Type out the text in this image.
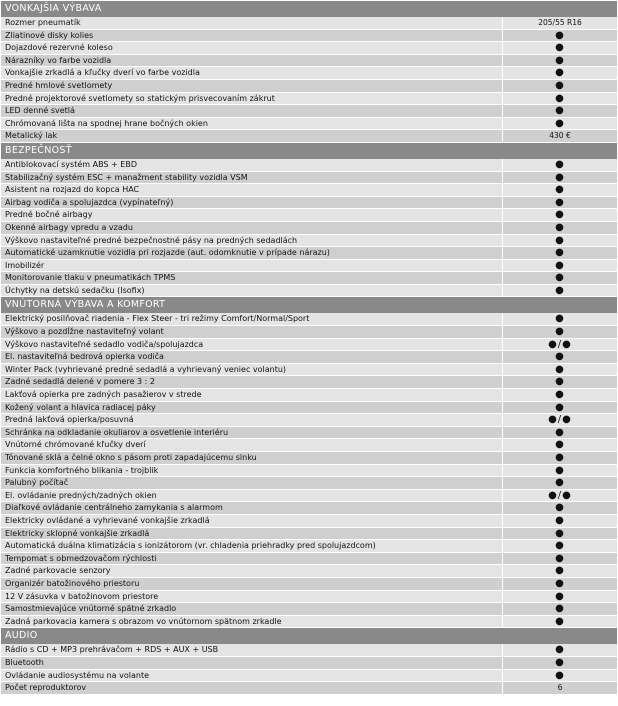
VONKAJŠIA VÝBAVA
Rozmer pneumatík	205/55 R16
Zliatinové disky kolies	●
Dojazdové rezervné koleso	●
Nárazníky vo farbe vozidla	●
Vonkajšie zrkadlá a kľučky dverí vo farbe vozidla	●
Predné hmlové svetlomety	●
Predné projektorové svetlomety so statickým prisvecovaním zákrut	●
LED denné svetlá	●
Chrómovaná lišta na spodnej hrane bočných okien	●
Metalický lak	430 €
BEZPEČNOSŤ
Antiblokovací systém ABS + EBD	●
Stabilizačný systém ESC + manažment stability vozidla VSM	●
Asistent na rozjazd do kopca HAC	●
Airbag vodiča a spolujazdca (vypínateľný)	●
Predné bočné airbagy	●
Okenné airbagy vpredu a vzadu	●
Výškovo nastaviteľné predné bezpečnostné pásy na predných sedadlách	●
Automatické uzamknutie vozidla pri rozjazde (aut. odomknutie v prípade nárazu)	●
Imobilizér	●
Monitorovanie tlaku v pneumatikách TPMS	●
Úchytky na detskú sedačku (Isofix)	●
VNÚTORNÁ VÝBAVA A KOMFORT
Elektrický posilňovač riadenia - Flex Steer - tri režimy Comfort/Normal/Sport	●
Výškovo a pozdĺžne nastaviteľný volant	●
Výškovo nastaviteľné sedadlo vodiča/spolujazdca	●/●
El. nastaviteľná bedrová opierka vodiča	●
Winter Pack (vyhrievané predné sedadlá a vyhrievaný veniec volantu)	●
Zadné sedadlá delené v pomere 3 : 2	●
Lakťová opierka pre zadných pasažierov v strede	●
Kožený volant a hlavica radiacej páky	●
Predná lakťová opierka/posuvná	●/●
Schránka na odkladanie okuliarov a osvetlenie interiéru	●
Vnútorné chrómované kľučky dverí	●
Tónované sklá a čelné okno s pásom proti zapadajúcemu slnku	●
Funkcia komfortného blikania - trojblik	●
Palubný počítač	●
El. ovládanie predných/zadných okien	●/●
Diaľkové ovládanie centrálneho zamykania s alarmom	●
Elektricky ovládané a vyhrievané vonkajšie zrkadlá	●
Elektricky sklopné vonkajšie zrkadlá	●
Automatická duálna klimatizácia s ionizátorom (vr. chladenia priehradky pred spolujazdcom)	●
Tempomat s obmedzovačom rýchlosti	●
Zadné parkovacie senzory	●
Organizér batožinového priestoru	●
12 V zásuvka v batožinovom priestore	●
Samostmievajúce vnútorné spätné zrkadlo	●
Zadná parkovacia kamera s obrazom vo vnútornom spätnom zrkadle	●
AUDIO
Rádio s CD + MP3 prehrávačom + RDS + AUX + USB	●
Bluetooth	●
Ovládanie audiosystému na volante	●
Počet reproduktorov	6
